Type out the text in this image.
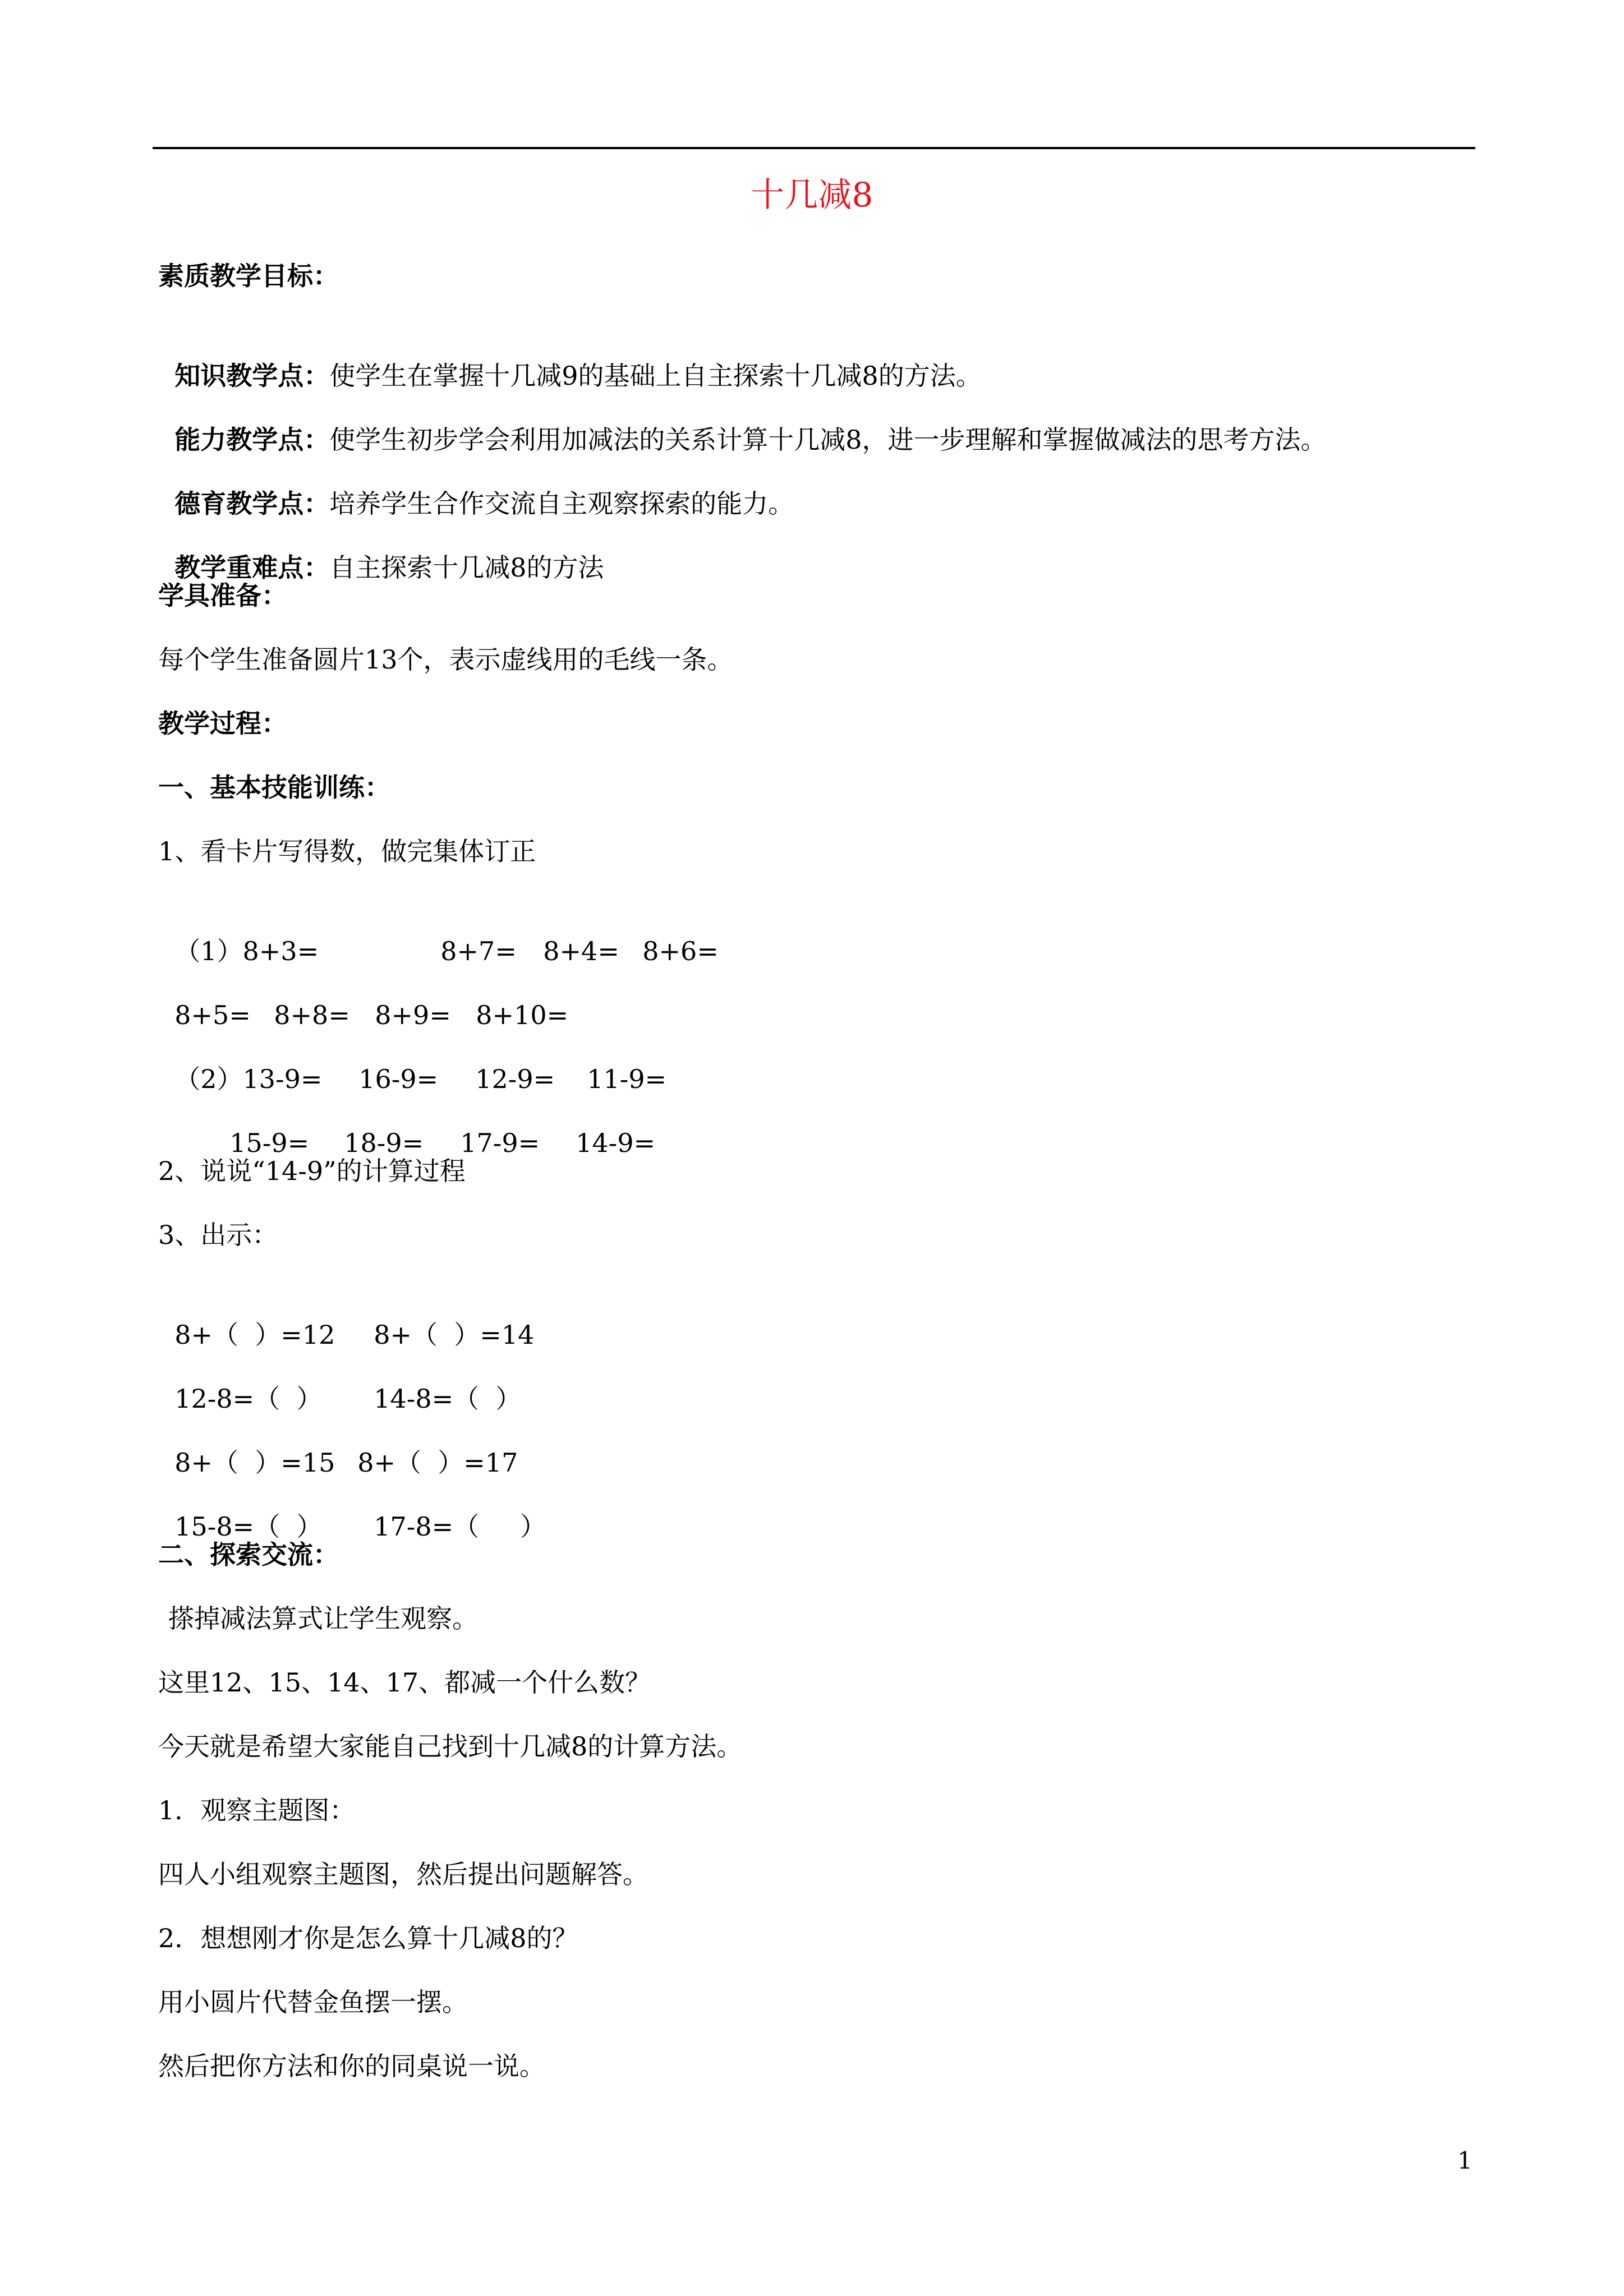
十几减8
素质教学目标：

知识教学点：使学生在掌握十几减9的基础上自主探索十几减8的方法。

能力教学点：使学生初步学会利用加减法的关系计算十几减8，进一步理解和掌握做减法的思考方法。

德育教学点：培养学生合作交流自主观察探索的能力。

教学重难点：自主探索十几减8的方法

学具准备：
每个学生准备圆片13个，表示虚线用的毛线一条。
教学过程：
一、基本技能训练：
1、看卡片写得数，做完集体订正

（1）8+3=	8+7= 8+4= 8+6=

8+5= 8+8= 8+9= 8+10=

（2）13-9= 16-9= 12-9= 11-9=

15-9= 18-9= 17-9= 14-9=

2、说说“14-9”的计算过程
3、出示：

8+（  ）=12 8+（  ）=14

12-8=（  ） 14-8=（  ）

8+（  ）=15 8+（  ）=17

15-8=（  ） 17-8=（     ）

二、探索交流：
搽掉减法算式让学生观察。
这里12、15、14、17、都减一个什么数？
今天就是希望大家能自己找到十几减8的计算方法。
1．观察主题图：
四人小组观察主题图，然后提出问题解答。
2．想想刚才你是怎么算十几减8的？
用小圆片代替金鱼摆一摆。
然后把你方法和你的同桌说一说。
1
